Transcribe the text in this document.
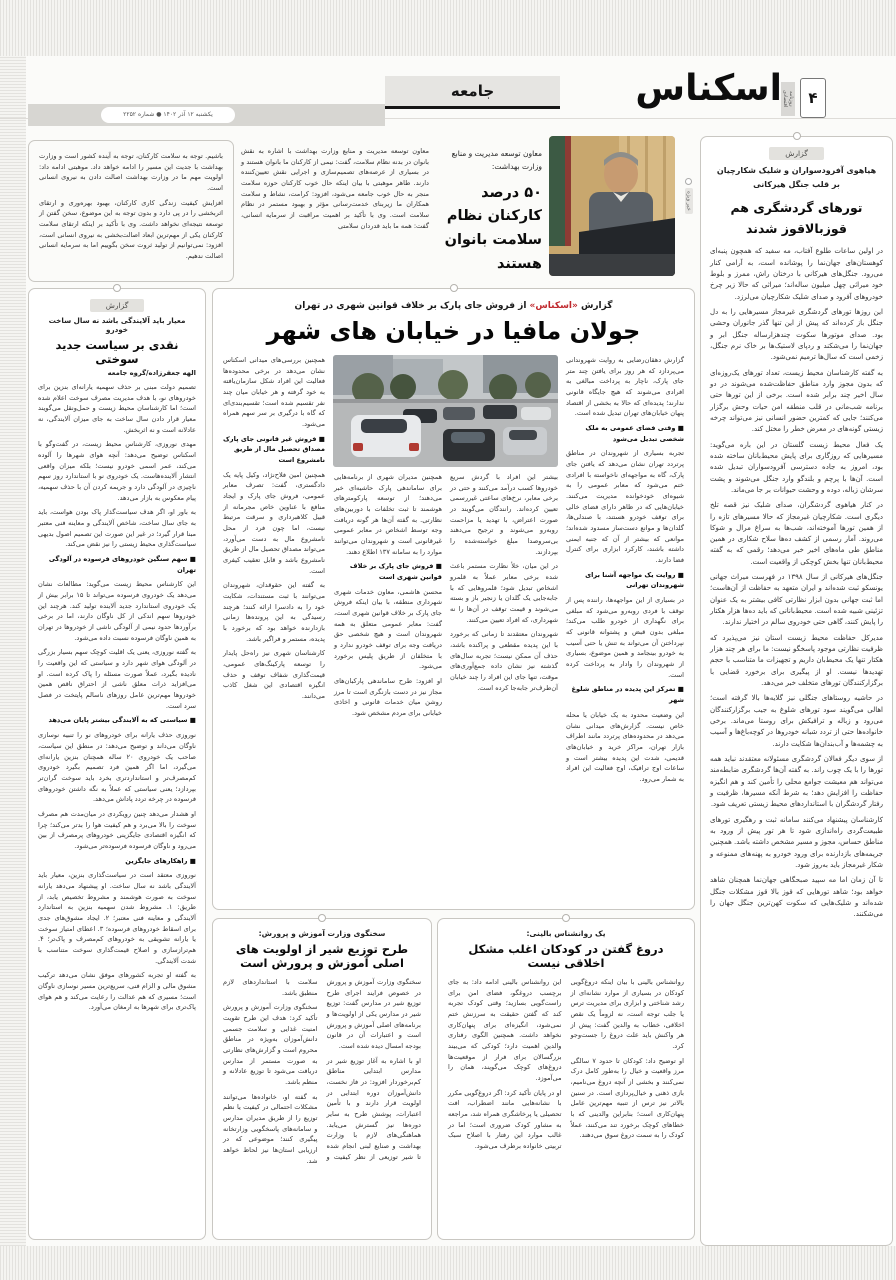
۴
روزنامه اقتصادی
اسکناس
جامعه
یکشنبه ۱۲ آذر ۱۴۰۲ ● شماره ۲۲۵۲
خبر ویژه
معاون توسعه مدیریت و منابع وزارت بهداشت:
۵۰ درصد کارکنان نظام سلامت بانوان هستند

معاون توسعه مدیریت و منابع وزارت بهداشت با اشاره به نقش بانوان در بدنه نظام سلامت، گفت: نیمی از کارکنان ما بانوان هستند و در بسیاری از عرصه‌های تصمیم‌سازی و اجرایی نقش تعیین‌کننده دارند. طاهر موهبتی با بیان اینکه حال خوب کارکنان حوزه سلامت منجر به حال خوب جامعه می‌شود، افزود: کرامت، نشاط و سلامت همکاران ما زیربنای خدمت‌رسانی مؤثر و بهبود مستمر در نظام سلامت است. وی با تأکید بر اهمیت مراقبت از سرمایه انسانی، گفت: همه ما باید قدردان سلامتی

باشیم. توجه به سلامت کارکنان، توجه به آینده کشور است و وزارت بهداشت با جدیت این مسیر را ادامه خواهد داد. موهبتی ادامه داد: اولویت مهم ما در وزارت بهداشت اصالت دادن به نیروی انسانی است.

افزایش کیفیت زندگی کاری کارکنان، بهبود بهره‌وری و ارتقای اثربخشی را در پی دارد و بدون توجه به این موضوع، سخن گفتن از توسعه نتیجه‌ای نخواهد داشت. وی با تأکید بر اینکه ارتقای سلامت کارکنان یکی از مهم‌ترین ابعاد اصالت‌بخشی به نیروی انسانی است، افزود: نمی‌توانیم از تولید ثروت سخن بگوییم اما به سرمایه انسانی اصالت ندهیم.

گزارش
هیاهوی آفرودسواران و شلیک شکارچیان
بر قلب جنگل هیرکانی
تورهای گردشگری هم قوزبالاقوز شدند

در اولین ساعات طلوع آفتاب، مه سفید که همچون پنبه‌ای کوهستان‌های جهان‌نما را پوشانده است، به آرامی کنار می‌رود. جنگل‌های هیرکانی با درختان راش، ممرز و بلوط خود میراثی چهل میلیون ساله‌اند؛ میراثی که حالا زیر چرخ خودروهای آفرود و صدای شلیک شکارچیان می‌لرزد.

این روزها تورهای گردشگری غیرمجاز مسیرهایی را به دل جنگل باز کرده‌اند که پیش از این تنها گذر جانوران وحشی بود. صدای موتورها سکوت چندهزارساله جنگل ابر و جهان‌نما را می‌شکند و ردپای لاستیک‌ها بر خاک نرم جنگل، زخمی است که سال‌ها ترمیم نمی‌شود.

به گفته کارشناسان محیط زیست، تعداد تورهای یک‌روزه‌ای که بدون مجوز وارد مناطق حفاظت‌شده می‌شوند در دو سال اخیر چند برابر شده است. برخی از این تورها حتی برنامه شب‌مانی در قلب منطقه امن حیات وحش برگزار می‌کنند؛ جایی که کمترین حضور انسانی نیز می‌تواند چرخه زیستی گونه‌های در معرض خطر را مختل کند.

یک فعال محیط زیست گلستان در این باره می‌گوید: مسیرهایی که روزگاری برای پایش محیط‌بانان ساخته شده بود، امروز به جاده دسترسی آفرودسواران تبدیل شده است. آن‌ها با پرچم و بلندگو وارد جنگل می‌شوند و پشت سرشان زباله، دوده و وحشت حیوانات بر جا می‌ماند.

در کنار هیاهوی گردشگران، صدای شلیک نیز قصه تلخ دیگری است. شکارچیان غیرمجاز که حالا مسیرهای تازه را از همین تورها آموخته‌اند، شب‌ها به سراغ مرال و شوکا می‌روند. آمار رسمی از کشف ده‌ها سلاح شکاری در همین مناطق طی ماه‌های اخیر خبر می‌دهد؛ رقمی که به گفته محیط‌بانان تنها بخش کوچکی از واقعیت است.

جنگل‌های هیرکانی از سال ۱۳۹۸ در فهرست میراث جهانی یونسکو ثبت شده‌اند و ایران متعهد به حفاظت از آن‌هاست؛ اما ثبت جهانی بدون ابزار نظارتی کافی بیشتر به یک عنوان تزئینی شبیه شده است. محیط‌بانانی که باید ده‌ها هزار هکتار را پایش کنند، گاهی حتی خودروی سالم در اختیار ندارند.

مدیرکل حفاظت محیط زیست استان نیز می‌پذیرد که ظرفیت نظارتی موجود پاسخگو نیست: ما برای هر چند هزار هکتار تنها یک محیط‌بان داریم و تجهیزات ما متناسب با حجم تهدیدها نیست. او از پیگیری برای برخورد قضایی با برگزارکنندگان تورهای متخلف خبر می‌دهد.

در حاشیه روستاهای جنگلی نیز گلایه‌ها بالا گرفته است؛ اهالی می‌گویند سود تورهای شلوغ به جیب برگزارکنندگان می‌رود و زباله و ترافیکش برای روستا می‌ماند. برخی خانواده‌ها حتی از تردد شبانه خودروها در کوچه‌باغ‌ها و آسیب به چشمه‌ها و آب‌بندان‌ها شکایت دارند.

از سوی دیگر فعالان گردشگری مسئولانه معتقدند نباید همه تورها را با یک چوب راند. به گفته آن‌ها گردشگری ضابطه‌مند می‌تواند هم معیشت جوامع محلی را تأمین کند و هم انگیزه حفاظت را افزایش دهد؛ به شرط آنکه مسیرها، ظرفیت و رفتار گردشگران با استانداردهای محیط زیستی تعریف شود.

کارشناسان پیشنهاد می‌کنند سامانه ثبت و رهگیری تورهای طبیعت‌گردی راه‌اندازی شود تا هر تور پیش از ورود به مناطق حساس، مجوز و مسیر مشخص داشته باشد. همچنین جریمه‌های بازدارنده برای ورود خودرو به پهنه‌های ممنوعه و شکار غیرمجاز باید به‌روز شود.

تا آن زمان اما مه سپید صبحگاهی جهان‌نما همچنان شاهد خواهد بود؛ شاهد تورهایی که قوز بالا قوز مشکلات جنگل شده‌اند و شلیک‌هایی که سکوت کهن‌ترین جنگل جهان را می‌شکنند.

گزارش
معیار باید آلایندگی باشد نه سال ساخت خودرو
نقدی بر سیاست جدید سوختی
الهه جعفرزاده/گروه جامعه

تصمیم دولت مبنی بر حذف سهمیه یارانه‌ای بنزین برای خودروهای نو، با هدف مدیریت مصرف سوخت اعلام شده است؛ اما کارشناسان محیط زیست و حمل‌ونقل می‌گویند معیار قرار دادن سال ساخت به جای میزان آلایندگی، نه عادلانه است و نه اثربخش.

مهدی نوروزی، کارشناس محیط زیست، در گفت‌وگو با اسکناس توضیح می‌دهد: آنچه هوای شهرها را آلوده می‌کند، عمر اسمی خودرو نیست؛ بلکه میزان واقعی انتشار آلاینده‌هاست. یک خودروی نو با استاندارد روز سهم ناچیزی در آلودگی دارد و جریمه کردن آن با حذف سهمیه، پیام معکوس به بازار می‌دهد.

به باور او، اگر هدف سیاست‌گذار پاک بودن هواست، باید به جای سال ساخت، شاخص آلایندگی و معاینه فنی معتبر مبنا قرار گیرد؛ در غیر این صورت این تصمیم اصول بدیهی سیاست‌گذاری محیط زیستی را نیز نقض می‌کند.

■ سهم سنگین خودروهای فرسوده در آلودگی تهران

این کارشناس محیط زیست می‌گوید: مطالعات نشان می‌دهد یک خودروی فرسوده می‌تواند تا ۱۵ برابر بیش از یک خودروی استاندارد جدید آلاینده تولید کند. هرچند این خودروها سهم اندکی از کل ناوگان دارند، اما در برخی برآوردها حدود نیمی از آلودگی ناشی از خودروها در تهران به همین ناوگان فرسوده نسبت داده می‌شود.

به گفته نوروزی، یعنی یک اقلیت کوچک سهم بسیار بزرگی در آلودگی هوای شهر دارد و سیاستی که این واقعیت را نادیده بگیرد، عملاً صورت مسئله را پاک کرده است. او می‌افزاید ذرات معلق ناشی از احتراق ناقص همین خودروها مهم‌ترین عامل روزهای ناسالم پایتخت در فصل سرد است.

■ سیاستی که به آلایندگی بیشتر پایان می‌دهد

نوروزی حذف یارانه برای خودروهای نو را تنبیه نوسازی ناوگان می‌داند و توضیح می‌دهد: در منطق این سیاست، صاحب یک خودروی ۲۰ ساله همچنان بنزین یارانه‌ای می‌گیرد، اما اگر همین فرد تصمیم بگیرد خودروی کم‌مصرف‌تر و استانداردتری بخرد باید سوخت گران‌تر بپردازد؛ یعنی سیاستی که عملاً به نگه داشتن خودروهای فرسوده در چرخه تردد پاداش می‌دهد.

او هشدار می‌دهد چنین رویکردی در میان‌مدت هم مصرف سوخت را بالا می‌برد و هم کیفیت هوا را بدتر می‌کند؛ چرا که انگیزه اقتصادی جایگزینی خودروهای پرمصرف از بین می‌رود و ناوگان فرسوده فرسوده‌تر می‌شود.

■ راهکارهای جایگزین

نوروزی معتقد است در سیاست‌گذاری بنزین، معیار باید آلایندگی باشد نه سال ساخت. او پیشنهاد می‌دهد یارانه سوخت به صورت هوشمند و مشروط تخصیص یابد، از طریق: ۱. مشروط شدن سهمیه بنزین به استاندارد آلایندگی و معاینه فنی معتبر؛ ۲. ایجاد مشوق‌های جدی برای اسقاط خودروهای فرسوده؛ ۳. اعطای امتیاز سوخت یا یارانه تشویقی به خودروهای کم‌مصرف و پاک‌تر؛ ۴. هم‌ترازسازی و اصلاح قیمت‌گذاری سوخت متناسب با شدت آلایندگی.

به گفته او تجربه کشورهای موفق نشان می‌دهد ترکیب مشوق مالی و الزام فنی، سریع‌ترین مسیر نوسازی ناوگان است؛ مسیری که هم عدالت را رعایت می‌کند و هم هوای پاک‌تری برای شهرها به ارمغان می‌آورد.

گزارش «اسکناس» از فروش جای پارک بر خلاف قوانین شهری در تهران
جولان مافیا در خیابان های شهر

گزارش دهقان‌رضایی به روایت شهروندانی می‌پردازد که هر روز برای یافتن چند متر جای پارک، ناچار به پرداخت مبالغی به افرادی می‌شوند که هیچ جایگاه قانونی ندارند؛ پدیده‌ای که حالا به بخشی از اقتصاد پنهان خیابان‌های تهران تبدیل شده است.

■ وقتی فضای عمومی به ملک شخصی تبدیل می‌شود

تجربه بسیاری از شهروندان در مناطق پرتردد تهران نشان می‌دهد که یافتن جای پارک، گاه به مواجهه‌ای ناخواسته با افرادی ختم می‌شود که معابر عمومی را به شیوه‌ای خودخوانده مدیریت می‌کنند. خیابان‌هایی که در ظاهر دارای فضای خالی برای توقف خودرو هستند، با صندلی‌ها، گلدان‌ها و موانع دست‌ساز مسدود شده‌اند؛ موانعی که بیشتر از آن که جنبه ایمنی داشته باشند، کارکرد ابزاری برای کنترل فضا دارند.

■ روایت یک مواجهه آشنا برای شهروندان تهرانی

در بسیاری از این مواجهه‌ها، راننده پس از توقف با فردی روبه‌رو می‌شود که مبلغی برای نگهداری از خودرو طلب می‌کند؛ مبلغی بدون قبض و پشتوانه قانونی که نپرداختن آن می‌تواند به تنش یا حتی آسیب به خودرو بینجامد و همین موضوع، بسیاری از شهروندان را وادار به پرداخت کرده است.

■ تمرکز این پدیده در مناطق شلوغ شهر

این وضعیت محدود به یک خیابان یا محله خاص نیست. گزارش‌های میدانی نشان می‌دهد در محدوده‌های پرتردد مانند اطراف بازار تهران، مراکز خرید و خیابان‌های قدیمی، شدت این پدیده بیشتر است و ساعات اوج ترافیک، اوج فعالیت این افراد به شمار می‌رود.

بیشتر این افراد با گردش سریع خودروها کسب درآمد می‌کنند و حتی در برخی معابر، نرخ‌های ساعتی غیررسمی تعیین کرده‌اند. رانندگان می‌گویند در صورت اعتراض، با تهدید یا مزاحمت روبه‌رو می‌شوند و ترجیح می‌دهند بی‌سروصدا مبلغ خواسته‌شده را بپردازند.

در این میان، خلأ نظارت مستمر باعث شده برخی معابر عملاً به قلمرو اشخاص تبدیل شود؛ قلمروهایی که با جابه‌جایی یک گلدان یا زنجیر باز و بسته می‌شوند و قیمت توقف در آن‌ها را نه شهرداری، که افراد تعیین می‌کنند.

شهروندان معتقدند تا زمانی که برخورد با این پدیده مقطعی و پراکنده باشد، حذف آن ممکن نیست؛ تجربه سال‌های گذشته نیز نشان داده جمع‌آوری‌های موقت، تنها جای این افراد را چند خیابان آن‌طرف‌تر جابه‌جا کرده است.

همچنین مدیران شهری از برنامه‌هایی برای ساماندهی پارک حاشیه‌ای خبر می‌دهند؛ از توسعه پارکومترهای هوشمند تا ثبت تخلفات با دوربین‌های نظارتی. به گفته آن‌ها هر گونه دریافت وجه توسط اشخاص در معابر عمومی غیرقانونی است و شهروندان می‌توانند موارد را به سامانه ۱۳۷ اطلاع دهند.

■ فروش جای پارک بر خلاف قوانین شهری است

محسن هاشمی، معاون خدمات شهری شهرداری منطقه، با بیان اینکه فروش جای پارک بر خلاف قوانین شهری است، گفت: معابر عمومی متعلق به همه شهروندان است و هیچ شخصی حق دریافت وجه برای توقف خودرو ندارد و با متخلفان از طریق پلیس برخورد می‌شود.

او افزود: طرح ساماندهی پارکبان‌های مجاز نیز در دست بازنگری است تا مرز روشن میان خدمات قانونی و اخاذی خیابانی برای مردم مشخص شود.

همچنین بررسی‌های میدانی اسکناس نشان می‌دهد در برخی محدوده‌ها فعالیت این افراد شکل سازمان‌یافته به خود گرفته و هر خیابان میان چند نفر تقسیم شده است؛ تقسیم‌بندی‌ای که گاه با درگیری بر سر سهم همراه می‌شود.

■ فروش غیر قانونی جای پارک مصداق تحصیل مال از طریق نامشروع است

همچنین امین فلاح‌نژاد، وکیل پایه یک دادگستری، گفت: تصرف معابر عمومی، فروش جای پارک و ایجاد منافع با عناوین خاص مجرمانه از قبیل کلاهبرداری و سرقت مرتبط نیست، اما چون فرد از محل نامشروع مال به دست می‌آورد، می‌تواند مصداق تحصیل مال از طریق نامشروع باشد و قابل تعقیب کیفری است.

به گفته این حقوقدان، شهروندان می‌توانند با ثبت مستندات، شکایت خود را به دادسرا ارائه کنند؛ هرچند رسیدگی به این پرونده‌ها زمانی بازدارنده خواهد بود که برخورد با پدیده، مستمر و فراگیر باشد.

کارشناسان شهری نیز راه‌حل پایدار را توسعه پارکینگ‌های عمومی، قیمت‌گذاری شفاف توقف و حذف انگیزه اقتصادی این شغل کاذب می‌دانند.

یک روانشناس بالینی:
دروغ گفتن در کودکان اغلب مشکل اخلاقی نیست

روانشناس بالینی با بیان اینکه دروغ‌گویی کودکان در بسیاری از موارد نشانه‌ای از رشد شناختی و ابزاری برای مدیریت ترس یا جلب توجه است، نه لزوماً یک نقص اخلاقی، خطاب به والدین گفت: پیش از هر واکنش باید علت دروغ را جست‌وجو کرد.

او توضیح داد: کودکان تا حدود ۷ سالگی مرز واقعیت و خیال را به‌طور کامل درک نمی‌کنند و بخشی از آنچه دروغ می‌نامیم، بازی ذهنی و خیال‌پردازی است. در سنین بالاتر نیز ترس از تنبیه مهم‌ترین عامل پنهان‌کاری است؛ بنابراین والدینی که با خطاهای کوچک برخورد تند می‌کنند، عملاً کودک را به سمت دروغ سوق می‌دهند.

این روانشناس بالینی ادامه داد: به جای برچسب دروغگو، فضای امن برای راست‌گویی بسازید؛ وقتی کودک تجربه کند که گفتن حقیقت به سرزنش ختم نمی‌شود، انگیزه‌ای برای پنهان‌کاری نخواهد داشت. همچنین الگوی رفتاری والدین اهمیت دارد؛ کودکی که می‌بیند بزرگسالان برای فرار از موقعیت‌ها دروغ‌های کوچک می‌گویند، همان را می‌آموزد.

او در پایان تأکید کرد: اگر دروغ‌گویی مکرر با نشانه‌هایی مانند اضطراب، افت تحصیلی یا پرخاشگری همراه شد، مراجعه به مشاور کودک ضروری است؛ اما در غالب موارد این رفتار با اصلاح سبک تربیتی خانواده برطرف می‌شود.

سخنگوی وزارت آموزش و پرورش:
طرح توزیع شیر از اولویت های اصلی آموزش و پرورش است

سخنگوی وزارت آموزش و پرورش در خصوص فرایند اجرای طرح توزیع شیر در مدارس گفت: توزیع شیر در مدارس یکی از اولویت‌ها و برنامه‌های اصلی آموزش و پرورش است و اعتبارات آن در قانون بودجه امسال دیده شده است.

او با اشاره به آغاز توزیع شیر در مدارس ابتدایی مناطق کم‌برخوردار افزود: در فاز نخست، دانش‌آموزان دوره ابتدایی در اولویت قرار دارند و با تأمین اعتبارات، پوشش طرح به سایر دوره‌ها نیز گسترش می‌یابد. هماهنگی‌های لازم با وزارت بهداشت و صنایع لبنی انجام شده تا شیر توزیعی از نظر کیفیت و سلامت با استانداردهای لازم منطبق باشد.

سخنگوی وزارت آموزش و پرورش تأکید کرد: هدف این طرح تقویت امنیت غذایی و سلامت جسمی دانش‌آموزان به‌ویژه در مناطق محروم است و گزارش‌های نظارتی به صورت مستمر از مدارس دریافت می‌شود تا توزیع عادلانه و منظم باشد.

به گفته او، خانواده‌ها می‌توانند مشکلات احتمالی در کیفیت یا نظم توزیع را از طریق مدیران مدارس و سامانه‌های پاسخگویی وزارتخانه پیگیری کنند؛ موضوعی که در ارزیابی استان‌ها نیز لحاظ خواهد شد.
